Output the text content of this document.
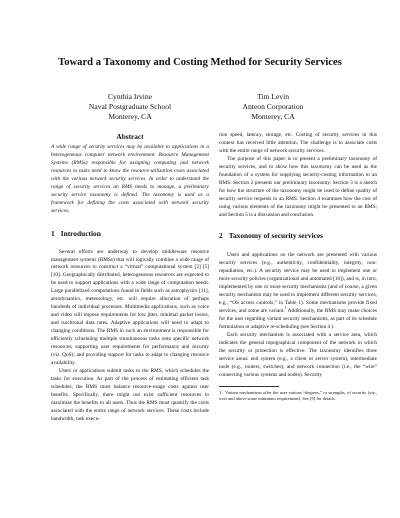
Toward a Taxonomy and Costing Method for Security Services
Cynthia Irvine
Naval Postgraduate School
Monterey, CA
Tim Levin
Anteon Corporation
Monterey, CA
Abstract

A wide range of security services may be available to applications in a heterogeneous computer network environment. Resource Management Systems (RMSs) responsible for assigning computing and network resources to tasks need to know the resource-utilization costs associated with the various network security services. In order to understand the range of security services an RMS needs to manage, a preliminary security service taxonomy is defined. The taxonomy is used as a framework for defining the costs associated with network security services.

1 Introduction

Several efforts are underway to develop middleware resource management systems (RMSs) that will logically combine a wide range of network resources to construct a “virtual” computational system [2] [5] [10]. Geographically distributed, heterogeneous resources are expected to be used to support applications with a wide range of computation needs. Large parallelized computations found in fields such as astrophysics [11], aerodynamics, meteorology, etc. will require allocation of perhaps hundreds of individual processes. Multimedia applications, such as voice and video will impose requirements for low jitter, minimal packet losses, and isochronal data rates. Adaptive applications will need to adapt to changing conditions. The RMS in such an environment is responsible for efficiently scheduling multiple simultaneous tasks onto specific network resources; supporting user requirements for performance and security (viz. QoS); and providing support for tasks to adapt to changing resource availability.

Users or applications submit tasks to the RMS, which schedules the tasks for execution. As part of the process of estimating efficient task schedules, the RMS must balance resource-usage costs against user benefits. Specifically, there might not exist sufficient resources to maximize the benefits to all users. Thus the RMS must quantify the costs associated with the entire range of network services. These costs include bandwidth, task execu-

tion speed, latency, storage, etc. Costing of security services in this context has received little attention. The challenge is to associate costs with the entire range of network security services.

The purpose of this paper is to present a preliminary taxonomy of security services, and to show how this taxonomy can be used as the foundation of a system for supplying security-costing information to an RMS. Section 2 presents our preliminary taxonomy. Section 3 is a sketch for how the structure of the taxonomy might be used to define quality of security service requests to an RMS. Section 4 examines how the cost of using various elements of the taxonomy might be presented to an RMS; and Section 5 is a discussion and conclusion.

2 Taxonomy of security services

Users and applications on the network are presented with various security services (e.g., authenticity, confidentiality, integrity, non-repudiation, etc.). A security service may be used to implement one or more security policies (organizational and automated [16]), and is, in turn, implemented by one or more security mechanisms (and of course, a given security mechanism may be used to implement different security services, e.g., “OS access controls,” in Table 1). Some mechanisms provide fixed services, and some are variant.$^1$ Additionally, the RMS may make choices for the user regarding variant security mechanisms, as part of its schedule formulation or adaptive re-scheduling (see Section 4 ).

Each security mechanism is associated with a service area, which indicates the general topographical component of the network in which the security or protection is effective. The taxonomy identifies three service areas: end system (e.g., a client or server system), intermediate node (e.g., routers, switches), and network connection (i.e., the “wire” connecting various systems and nodes). Security

1. Variant mechanisms offer the user various “degrees,” or strengths, of security (viz., over and above some minimum requirement). See [9] for details.
